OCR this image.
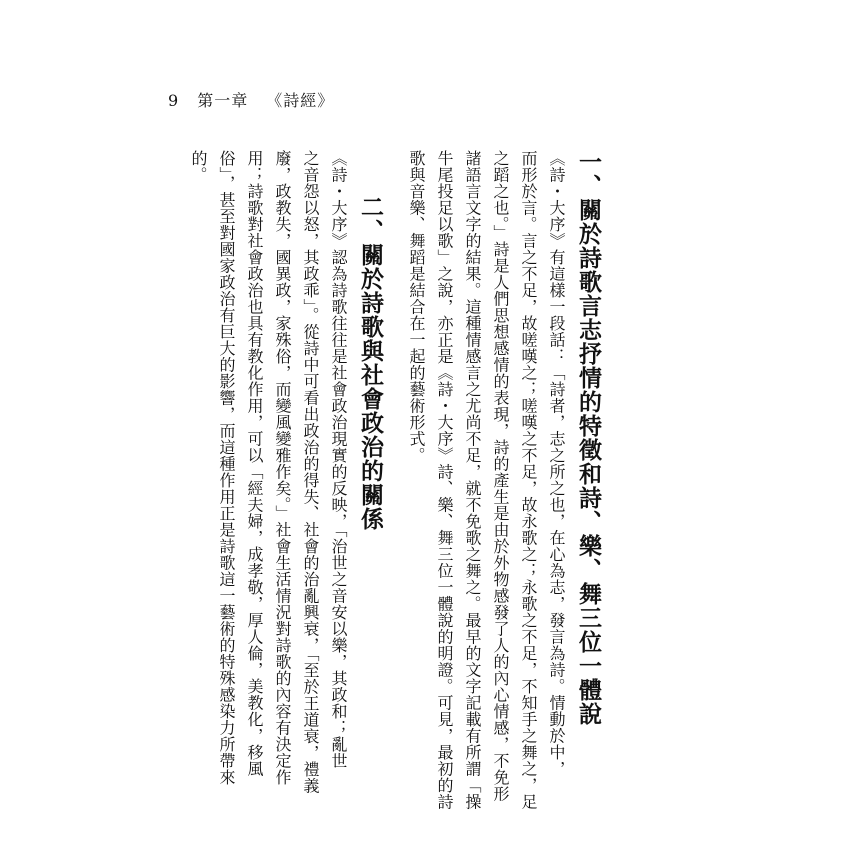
9 第一章 《詩經》
一、關於詩歌言志抒情的特徵和詩、樂、舞三位一體說
《詩・大序》有這樣一段話：「詩者，志之所之也，在心為志，發言為詩。情動於中，
而形於言。言之不足，故嗟嘆之；嗟嘆之不足，故永歌之；永歌之不足，不知手之舞之，足
之蹈之也。」詩是人們思想感情的表現，詩的產生是由於外物感發了人的內心情感，不免形
諸語言文字的結果。這種情感言之尤尚不足，就不免歌之舞之。最早的文字記載有所謂「操
牛尾投足以歌」之說，亦正是《詩・大序》詩、樂、舞三位一體說的明證。可見，最初的詩
歌與音樂、舞蹈是結合在一起的藝術形式。
二、關於詩歌與社會政治的關係
《詩・大序》認為詩歌往往是社會政治現實的反映，「治世之音安以樂，其政和；亂世
之音怨以怒，其政乖」。從詩中可看出政治的得失、社會的治亂興衰，「至於王道衰，禮義
廢，政教失，國異政，家殊俗，而變風變雅作矣。」社會生活情況對詩歌的內容有決定作
用；詩歌對社會政治也具有教化作用，可以「經夫婦，成孝敬，厚人倫，美教化，移風
俗」，甚至對國家政治有巨大的影響，而這種作用正是詩歌這一藝術的特殊感染力所帶來
的。
